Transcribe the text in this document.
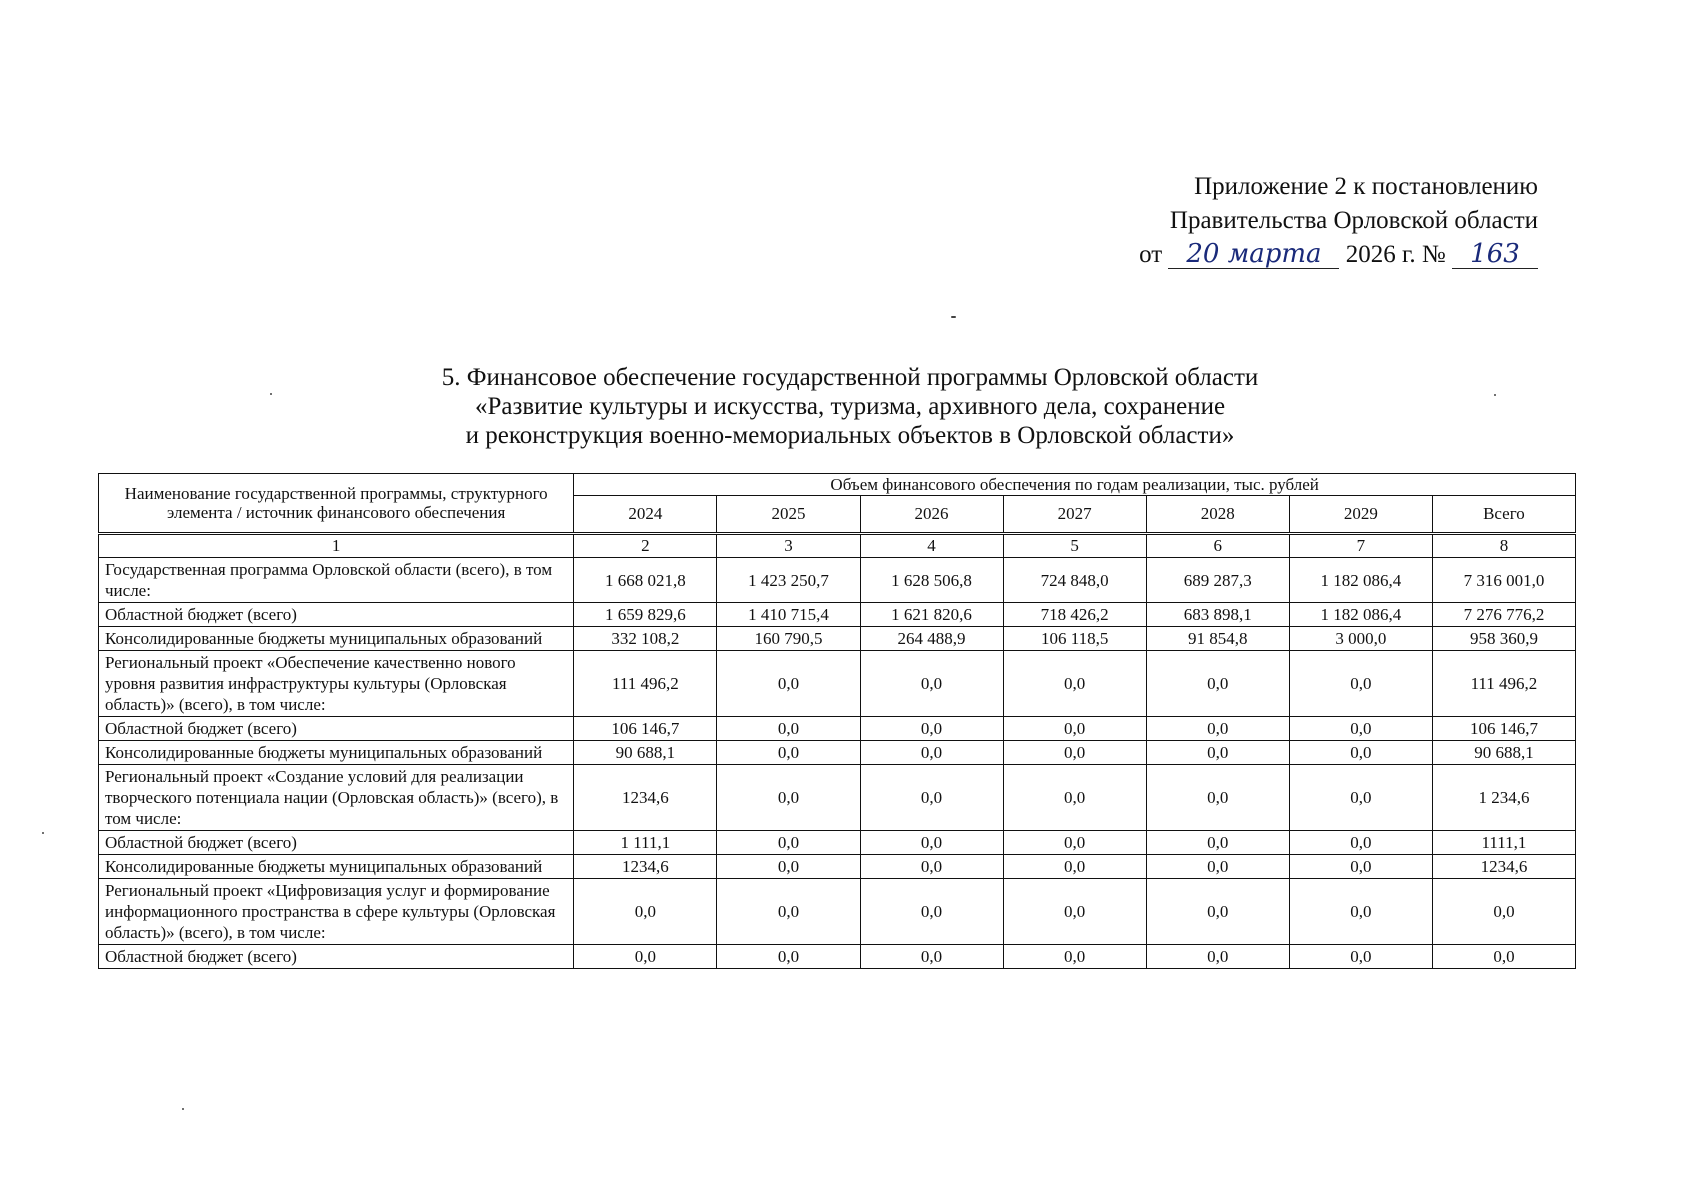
Приложение 2 к постановлению
Правительства Орловской области
от 20 марта 2026 г. № 163
5. Финансовое обеспечение государственной программы Орловской области
«Развитие культуры и искусства, туризма, архивного дела, сохранение
и реконструкция военно-мемориальных объектов в Орловской области»
Наименование государственной программы, структурного элемента / источник финансового обеспечения	Объем финансового обеспечения по годам реализации, тыс. рублей						
	2024	2025	2026	2027	2028	2029	Всего
1	2	3	4	5	6	7	8
Государственная программа Орловской области (всего), в том числе:	1 668 021,8	1 423 250,7	1 628 506,8	724 848,0	689 287,3	1 182 086,4	7 316 001,0
Областной бюджет (всего)	1 659 829,6	1 410 715,4	1 621 820,6	718 426,2	683 898,1	1 182 086,4	7 276 776,2
Консолидированные бюджеты муниципальных образований	332 108,2	160 790,5	264 488,9	106 118,5	91 854,8	3 000,0	958 360,9
Региональный проект «Обеспечение качественно нового уровня развития инфраструктуры культуры (Орловская область)» (всего), в том числе:	111 496,2	0,0	0,0	0,0	0,0	0,0	111 496,2
Областной бюджет (всего)	106 146,7	0,0	0,0	0,0	0,0	0,0	106 146,7
Консолидированные бюджеты муниципальных образований	90 688,1	0,0	0,0	0,0	0,0	0,0	90 688,1
Региональный проект «Создание условий для реализации творческого потенциала нации (Орловская область)» (всего), в том числе:	1234,6	0,0	0,0	0,0	0,0	0,0	1 234,6
Областной бюджет (всего)	1 111,1	0,0	0,0	0,0	0,0	0,0	1111,1
Консолидированные бюджеты муниципальных образований	1234,6	0,0	0,0	0,0	0,0	0,0	1234,6
Региональный проект «Цифровизация услуг и формирование информационного пространства в сфере культуры (Орловская область)» (всего), в том числе:	0,0	0,0	0,0	0,0	0,0	0,0	0,0
Областной бюджет (всего)	0,0	0,0	0,0	0,0	0,0	0,0	0,0
